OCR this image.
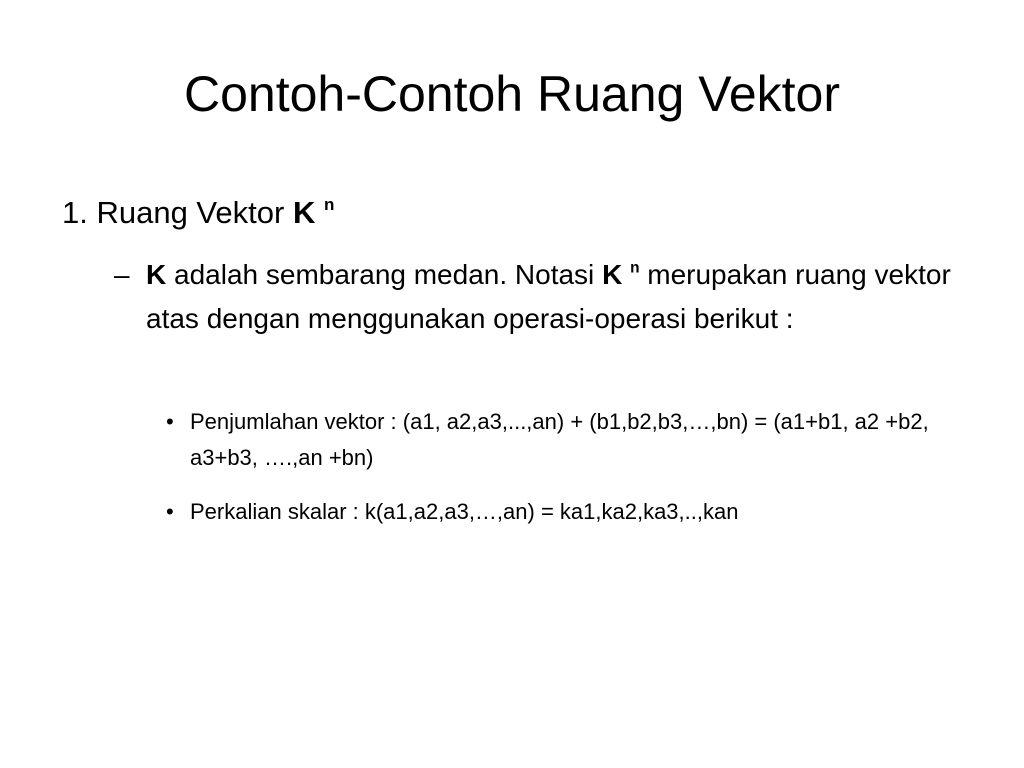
Contoh-Contoh Ruang Vektor
1. Ruang Vektor K $^n$
– K adalah sembarang medan. Notasi K $^n$ merupakan ruang vektor atas dengan menggunakan operasi-operasi berikut :
• Penjumlahan vektor : (a1, a2,a3,...,an) + (b1,b2,b3,…,bn) = (a1+b1, a2 +b2, a3+b3, ….,an +bn)
• Perkalian skalar : k(a1,a2,a3,…,an) = ka1,ka2,ka3,..,kan
